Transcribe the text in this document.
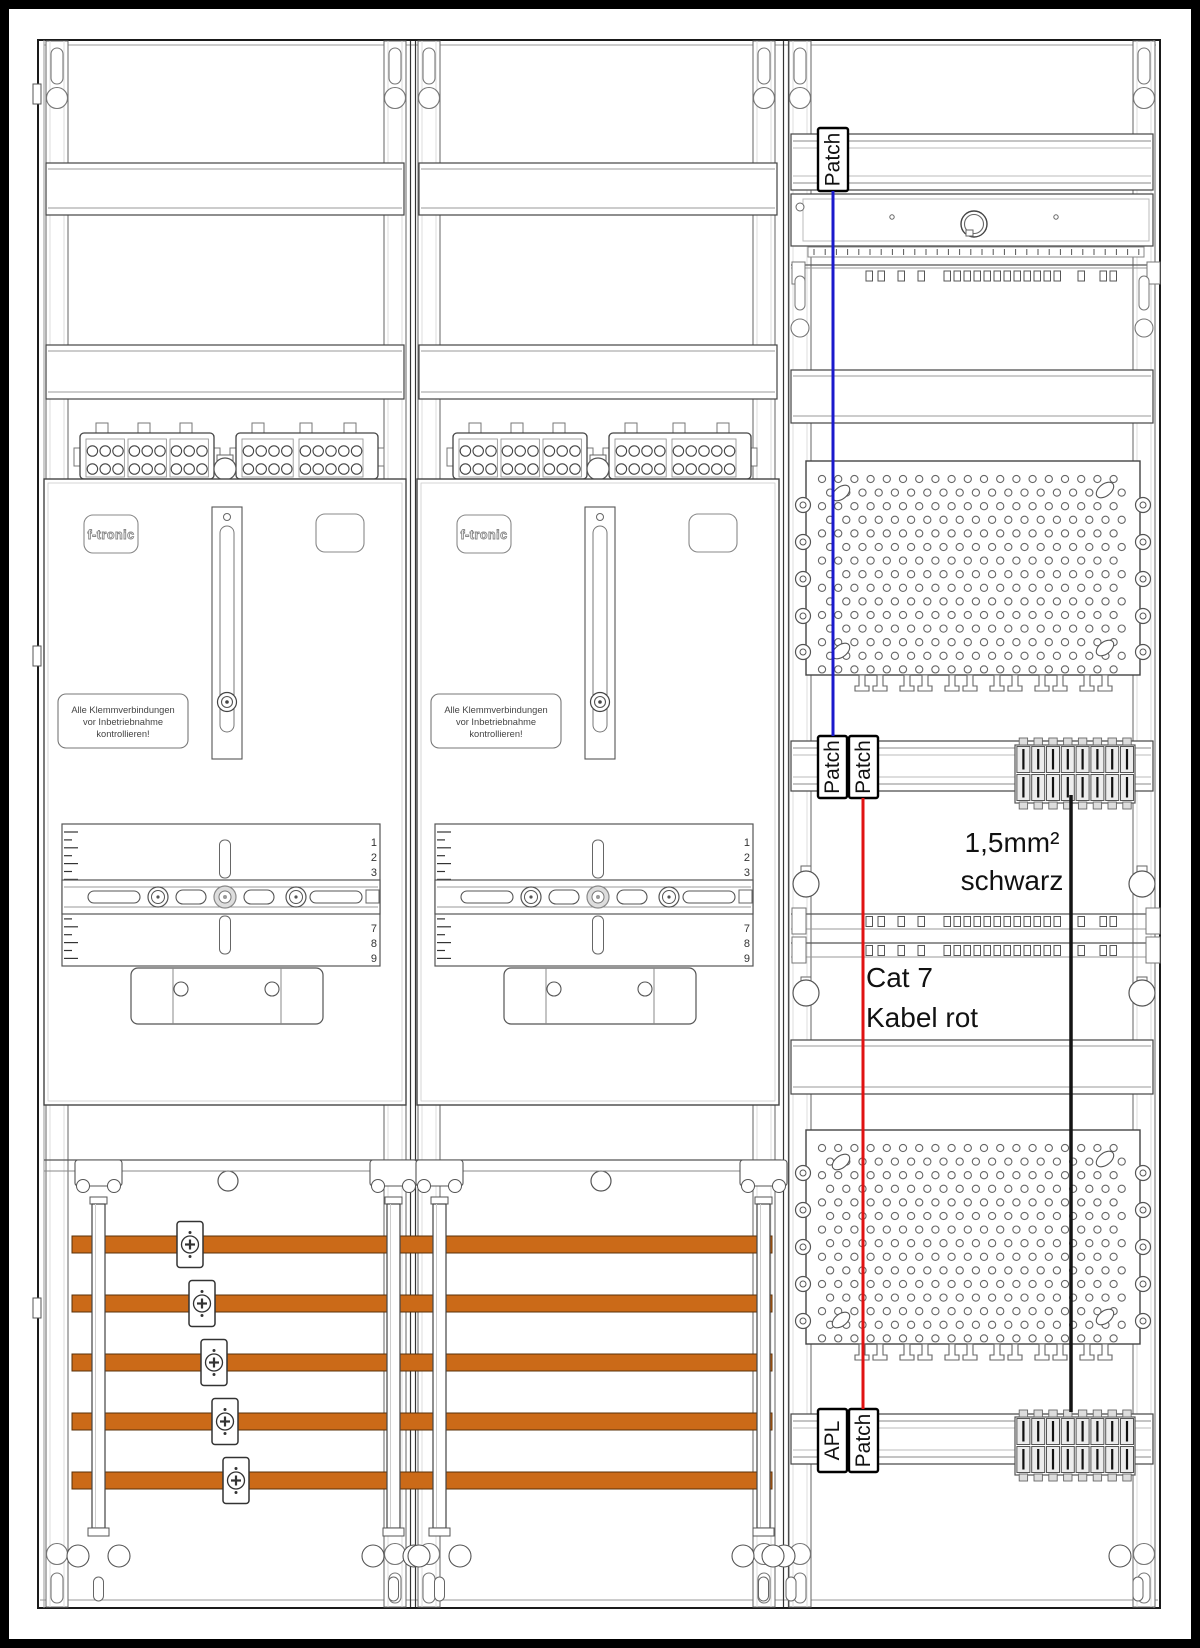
Patch
Patch Patch
APL Patch
1,5mm²
schwarz
Cat 7
Kabel rot
